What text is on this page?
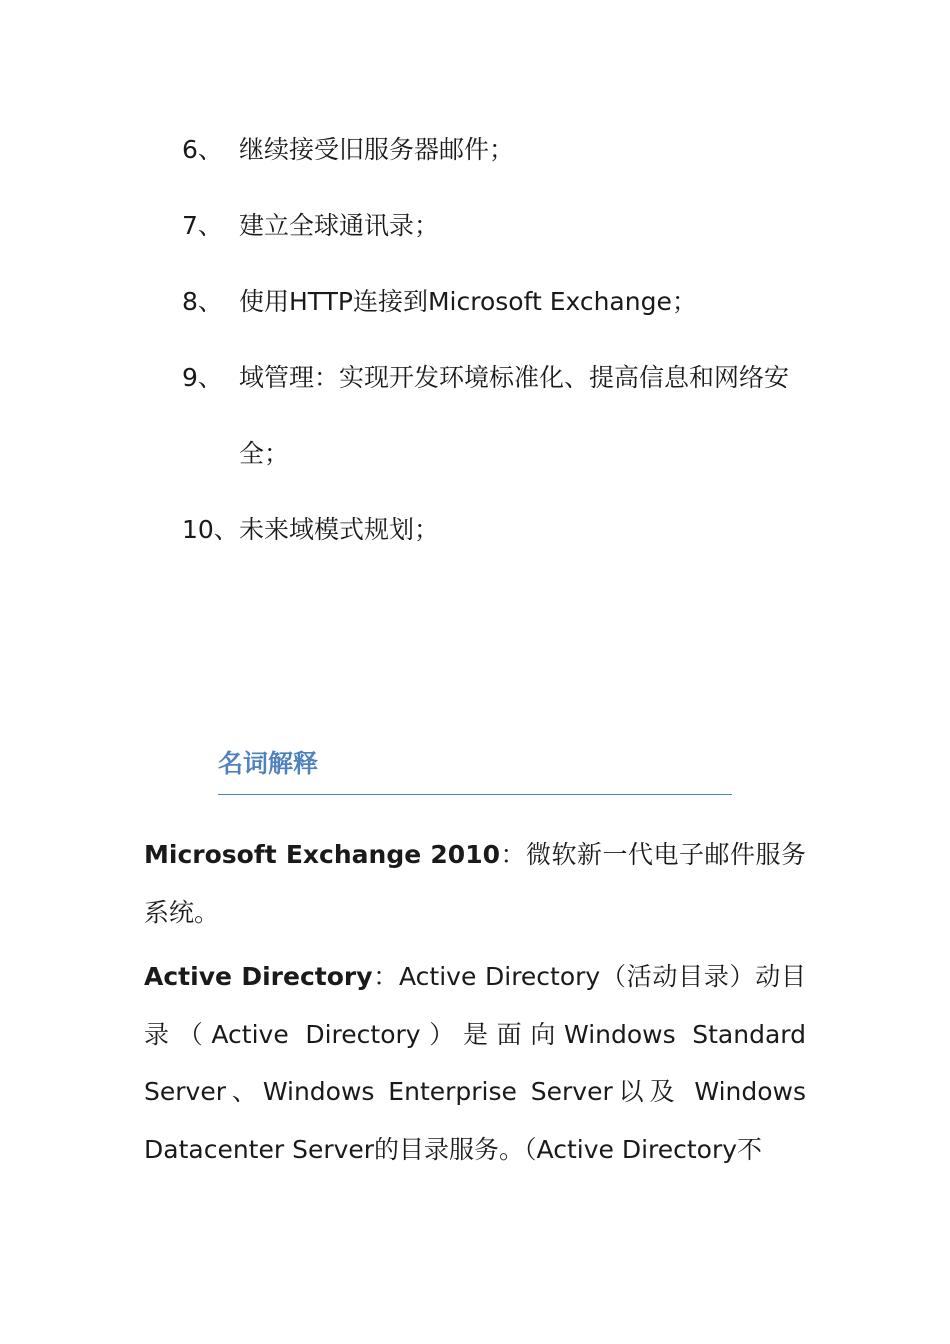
6、 继续接受旧服务器邮件；
7、 建立全球通讯录；
8、 使用HTTP连接到Microsoft Exchange；
9、 域管理：实现开发环境标准化、提高信息和网络安全；
10、 未来域模式规划；
名词解释
Microsoft Exchange 2010：微软新一代电子邮件服务系统。
Active Directory：Active Directory（活动目录）动目录（Active Directory）是面向Windows Standard Server、Windows Enterprise Server以及 Windows Datacenter Server的目录服务。（Active Directory不
